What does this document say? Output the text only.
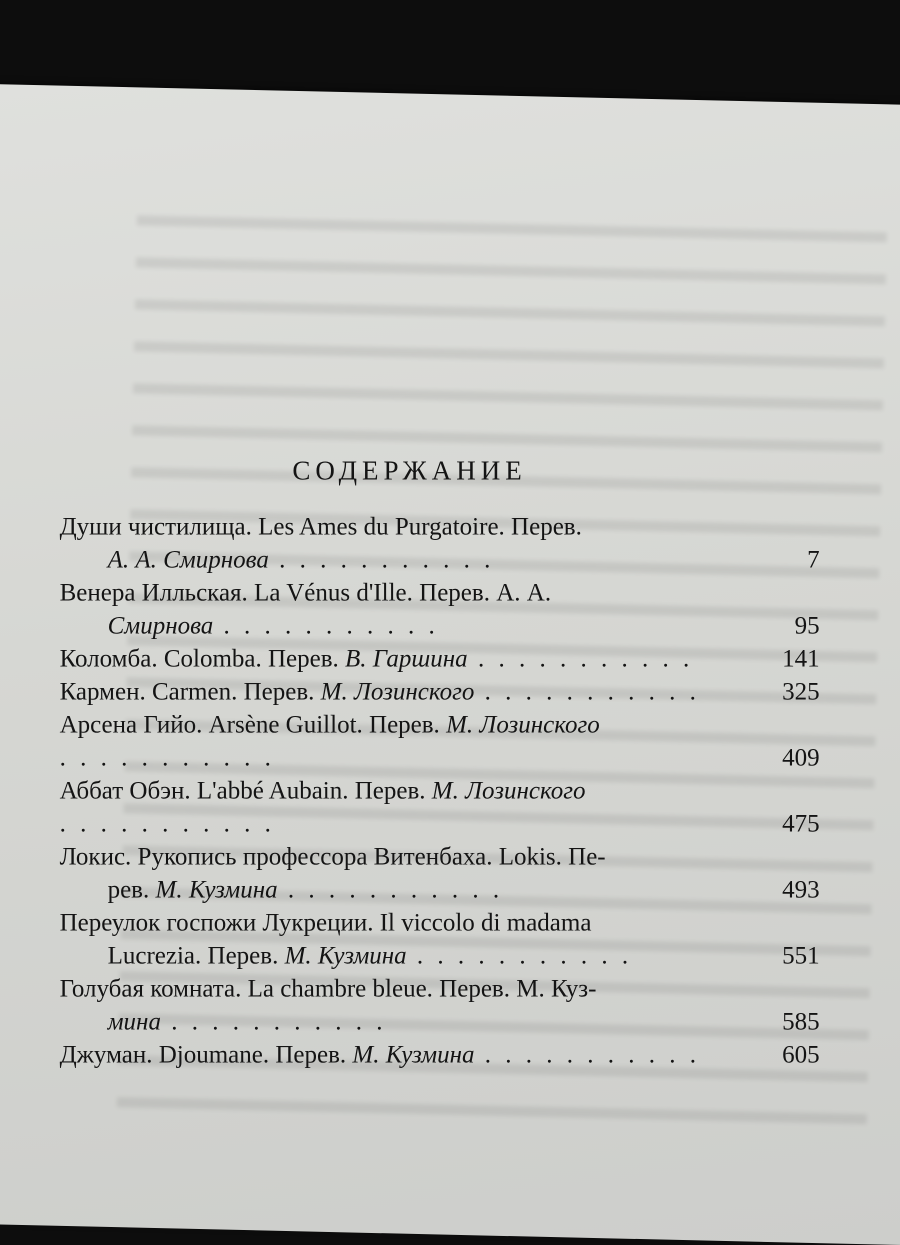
СОДЕРЖАНИЕ
Души чистилища. Les Ames du Purgatoire. Перев.
А. А. Смирнова . . . . . . . . . . .	7
Венера Илльская. La Vénus d'Ille. Перев. А. А.
Смирнова . . . . . . . . . . .	95
Коломба. Colomba. Перев. В. Гаршина . . . . . . . . . . .	141
Кармен. Carmen. Перев. М. Лозинского . . . . . . . . . . .	325
Арсена Гийо. Arsène Guillot. Перев. М. Лозинского . . . . . . . . . . .	409
Аббат Обэн. L'abbé Aubain. Перев. М. Лозинского . . . . . . . . . . .	475
Локис. Рукопись профессора Витенбаха. Lokis. Пе-
рев. М. Кузмина . . . . . . . . . . .	493
Переулок госпожи Лукреции. Il viccolo di madama
Lucrezia. Перев. М. Кузмина . . . . . . . . . . .	551
Голубая комната. La chambre bleue. Перев. М. Куз-
мина . . . . . . . . . . .	585
Джуман. Djoumane. Перев. М. Кузмина . . . . . . . . . . .	605
